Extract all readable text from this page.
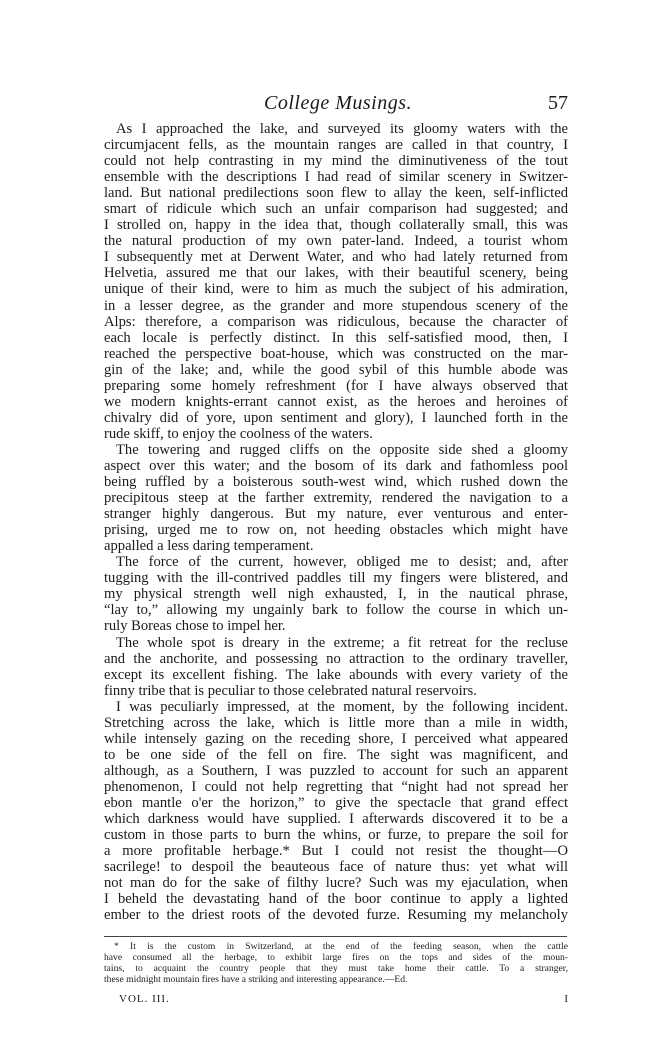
College Musings.	57
As I approached the lake, and surveyed its gloomy waters with the
circumjacent fells, as the mountain ranges are called in that country, I
could not help contrasting in my mind the diminutiveness of the tout
ensemble with the descriptions I had read of similar scenery in Switzer-
land. But national predilections soon flew to allay the keen, self-inflicted
smart of ridicule which such an unfair comparison had suggested; and
I strolled on, happy in the idea that, though collaterally small, this was
the natural production of my own pater-land. Indeed, a tourist whom
I subsequently met at Derwent Water, and who had lately returned from
Helvetia, assured me that our lakes, with their beautiful scenery, being
unique of their kind, were to him as much the subject of his admiration,
in a lesser degree, as the grander and more stupendous scenery of the
Alps: therefore, a comparison was ridiculous, because the character of
each locale is perfectly distinct. In this self-satisfied mood, then, I
reached the perspective boat-house, which was constructed on the mar-
gin of the lake; and, while the good sybil of this humble abode was
preparing some homely refreshment (for I have always observed that
we modern knights-errant cannot exist, as the heroes and heroines of
chivalry did of yore, upon sentiment and glory), I launched forth in the
rude skiff, to enjoy the coolness of the waters.
The towering and rugged cliffs on the opposite side shed a gloomy
aspect over this water; and the bosom of its dark and fathomless pool
being ruffled by a boisterous south-west wind, which rushed down the
precipitous steep at the farther extremity, rendered the navigation to a
stranger highly dangerous. But my nature, ever venturous and enter-
prising, urged me to row on, not heeding obstacles which might have
appalled a less daring temperament.
The force of the current, however, obliged me to desist; and, after
tugging with the ill-contrived paddles till my fingers were blistered, and
my physical strength well nigh exhausted, I, in the nautical phrase,
“lay to,” allowing my ungainly bark to follow the course in which un-
ruly Boreas chose to impel her.
The whole spot is dreary in the extreme; a fit retreat for the recluse
and the anchorite, and possessing no attraction to the ordinary traveller,
except its excellent fishing. The lake abounds with every variety of the
finny tribe that is peculiar to those celebrated natural reservoirs.
I was peculiarly impressed, at the moment, by the following incident.
Stretching across the lake, which is little more than a mile in width,
while intensely gazing on the receding shore, I perceived what appeared
to be one side of the fell on fire. The sight was magnificent, and
although, as a Southern, I was puzzled to account for such an apparent
phenomenon, I could not help regretting that “night had not spread her
ebon mantle o'er the horizon,” to give the spectacle that grand effect
which darkness would have supplied. I afterwards discovered it to be a
custom in those parts to burn the whins, or furze, to prepare the soil for
a more profitable herbage.* But I could not resist the thought—O
sacrilege! to despoil the beauteous face of nature thus: yet what will
not man do for the sake of filthy lucre? Such was my ejaculation, when
I beheld the devastating hand of the boor continue to apply a lighted
ember to the driest roots of the devoted furze. Resuming my melancholy
* It is the custom in Switzerland, at the end of the feeding season, when the cattle
have consumed all the herbage, to exhibit large fires on the tops and sides of the moun-
tains, to acquaint the country people that they must take home their cattle. To a stranger,
these midnight mountain fires have a striking and interesting appearance.—Ed.
VOL. III.	I
